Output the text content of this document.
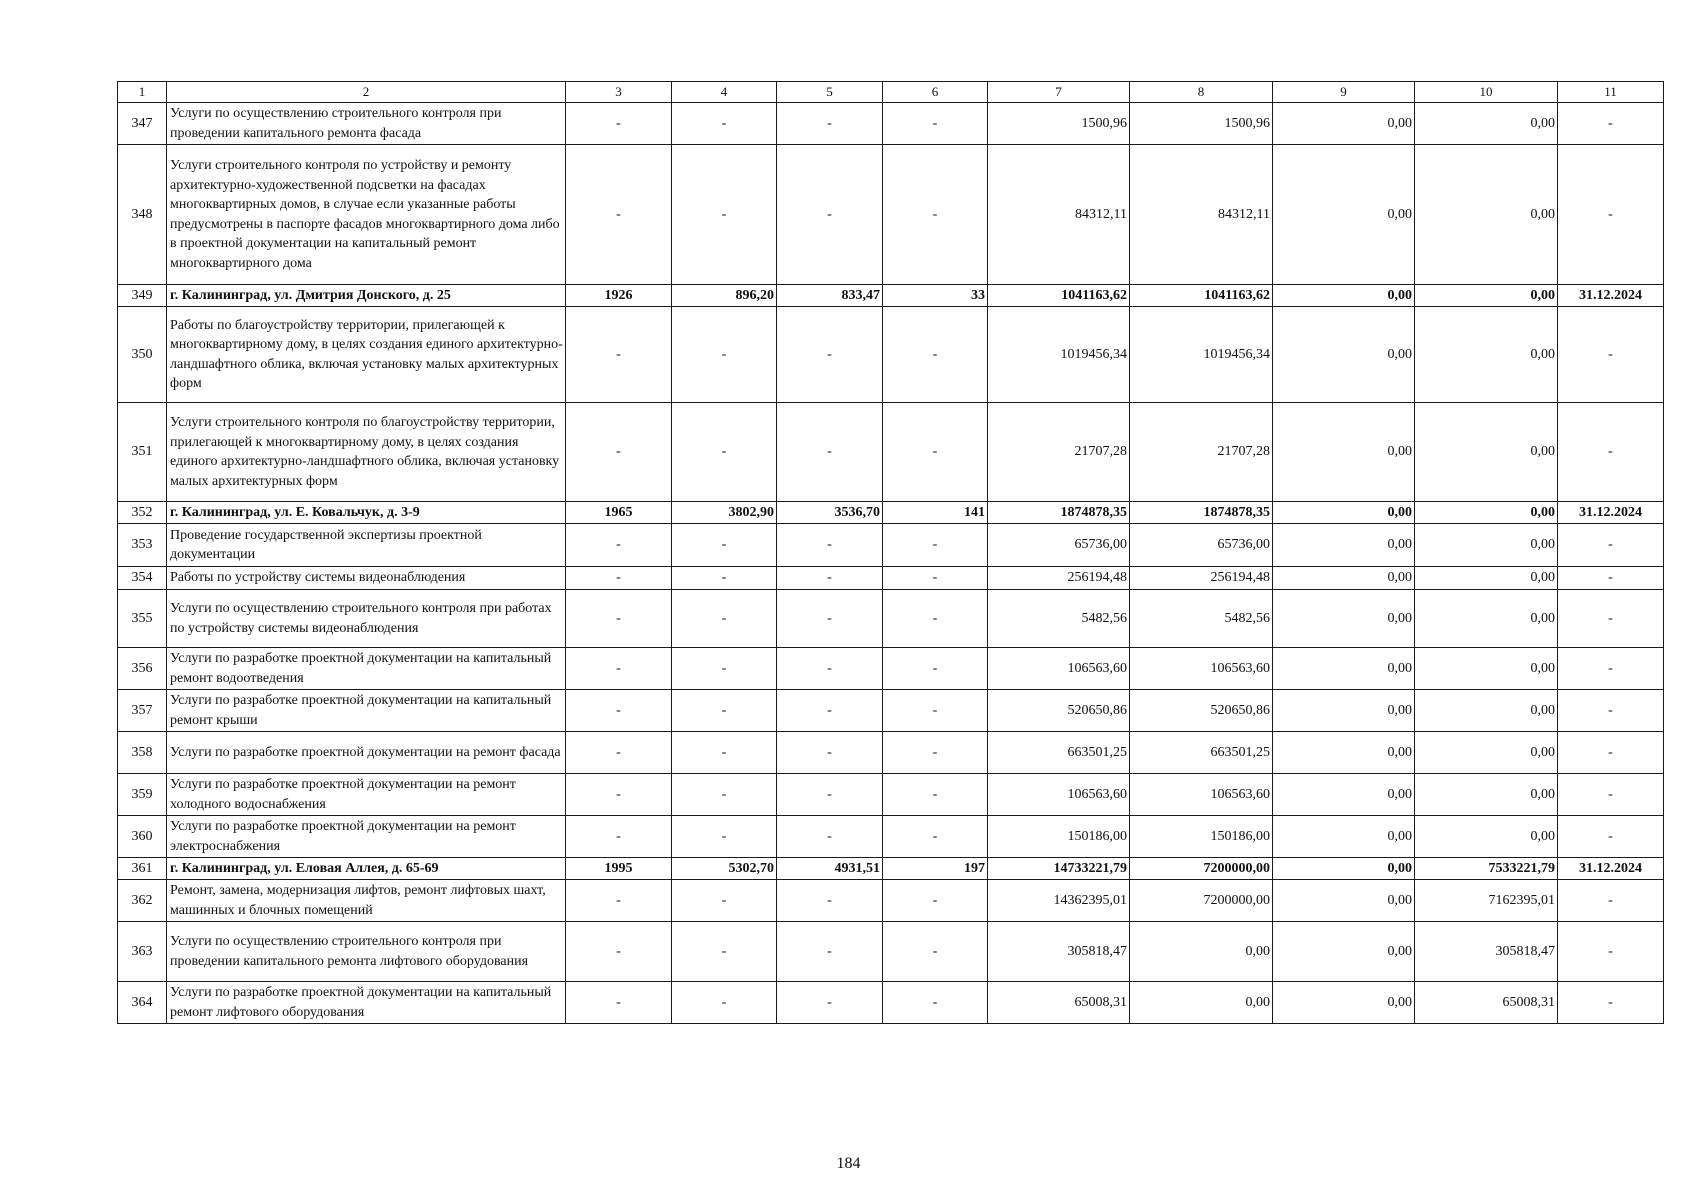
1	2	3	4	5	6	7	8	9	10	11
347	Услуги по осуществлению строительного контроля при проведении капитального ремонта фасада	-	-	-	-	1500,96	1500,96	0,00	0,00	-
348	Услуги строительного контроля по устройству и ремонту архитектурно-художественной подсветки на фасадах многоквартирных домов, в случае если указанные работы предусмотрены в паспорте фасадов многоквартирного дома либо в проектной документации на капитальный ремонт многоквартирного дома	-	-	-	-	84312,11	84312,11	0,00	0,00	-
349	г. Калининград, ул. Дмитрия Донского, д. 25	1926	896,20	833,47	33	1041163,62	1041163,62	0,00	0,00	31.12.2024
350	Работы по благоустройству территории, прилегающей к многоквартирному дому, в целях создания единого архитектурно-ландшафтного облика, включая установку малых архитектурных форм	-	-	-	-	1019456,34	1019456,34	0,00	0,00	-
351	Услуги строительного контроля по благоустройству территории, прилегающей к многоквартирному дому, в целях создания единого архитектурно-ландшафтного облика, включая установку малых архитектурных форм	-	-	-	-	21707,28	21707,28	0,00	0,00	-
352	г. Калининград, ул. Е. Ковальчук, д. 3-9	1965	3802,90	3536,70	141	1874878,35	1874878,35	0,00	0,00	31.12.2024
353	Проведение государственной экспертизы проектной документации	-	-	-	-	65736,00	65736,00	0,00	0,00	-
354	Работы по устройству системы видеонаблюдения	-	-	-	-	256194,48	256194,48	0,00	0,00	-
355	Услуги по осуществлению строительного контроля при работах по устройству системы видеонаблюдения	-	-	-	-	5482,56	5482,56	0,00	0,00	-
356	Услуги по разработке проектной документации на капитальный ремонт водоотведения	-	-	-	-	106563,60	106563,60	0,00	0,00	-
357	Услуги по разработке проектной документации на капитальный ремонт крыши	-	-	-	-	520650,86	520650,86	0,00	0,00	-
358	Услуги по разработке проектной документации на ремонт фасада	-	-	-	-	663501,25	663501,25	0,00	0,00	-
359	Услуги по разработке проектной документации на ремонт холодного водоснабжения	-	-	-	-	106563,60	106563,60	0,00	0,00	-
360	Услуги по разработке проектной документации на ремонт электроснабжения	-	-	-	-	150186,00	150186,00	0,00	0,00	-
361	г. Калининград, ул. Еловая Аллея, д. 65-69	1995	5302,70	4931,51	197	14733221,79	7200000,00	0,00	7533221,79	31.12.2024
362	Ремонт, замена, модернизация лифтов, ремонт лифтовых шахт, машинных и блочных помещений	-	-	-	-	14362395,01	7200000,00	0,00	7162395,01	-
363	Услуги по осуществлению строительного контроля при проведении капитального ремонта лифтового оборудования	-	-	-	-	305818,47	0,00	0,00	305818,47	-
364	Услуги по разработке проектной документации на капитальный ремонт лифтового оборудования	-	-	-	-	65008,31	0,00	0,00	65008,31	-
184
